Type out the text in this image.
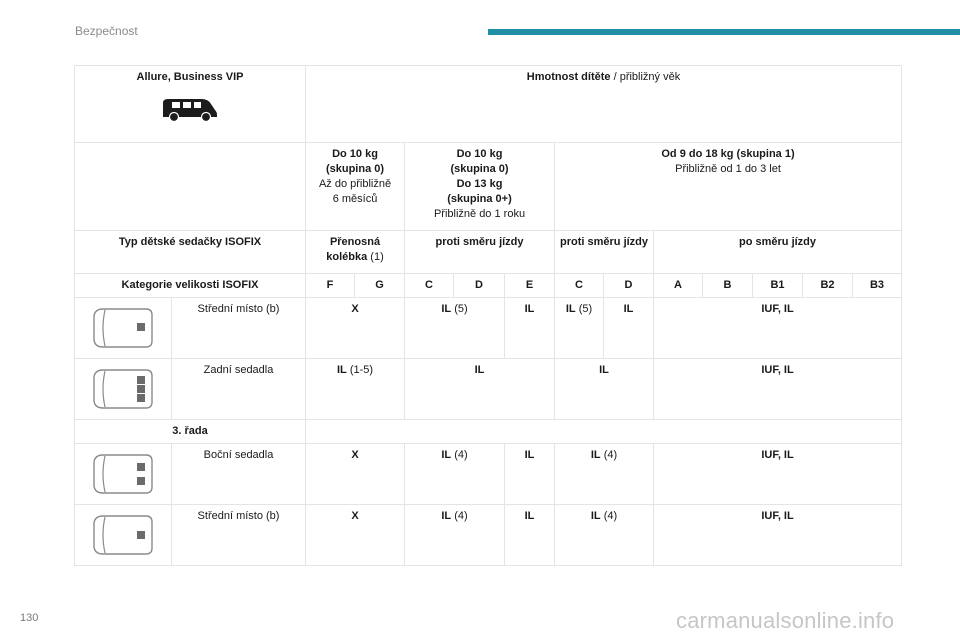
Bezpečnost
Allure, Business VIP		Hmotnost dítěte / přibližný věk											
		Do 10 kg
(skupina 0)
Až do přibližně
6 měsíců		Do 10 kg
(skupina 0)
Do 13 kg
(skupina 0+)
Přibližně do 1 roku			Od 9 do 18 kg (skupina 1)
Přibližně od 1 do 3 let						
Typ dětské sedačky ISOFIX		Přenosná kolébka (1)		proti směru jízdy			proti směru jízdy		po směru jízdy				
Kategorie velikosti ISOFIX		F	G	C	D	E	C	D	A	B	B1	B2	B3

	Střední místo (b)	X		IL (5)		IL	IL (5)	IL	IUF, IL				

	Zadní sedadla	IL (1-5)		IL			IL		IUF, IL				
3. řada													

	Boční sedadla	X		IL (4)		IL	IL (4)		IUF, IL				

	Střední místo (b)	X		IL (4)		IL	IL (4)		IUF, IL				
130	carmanualsonline.info
